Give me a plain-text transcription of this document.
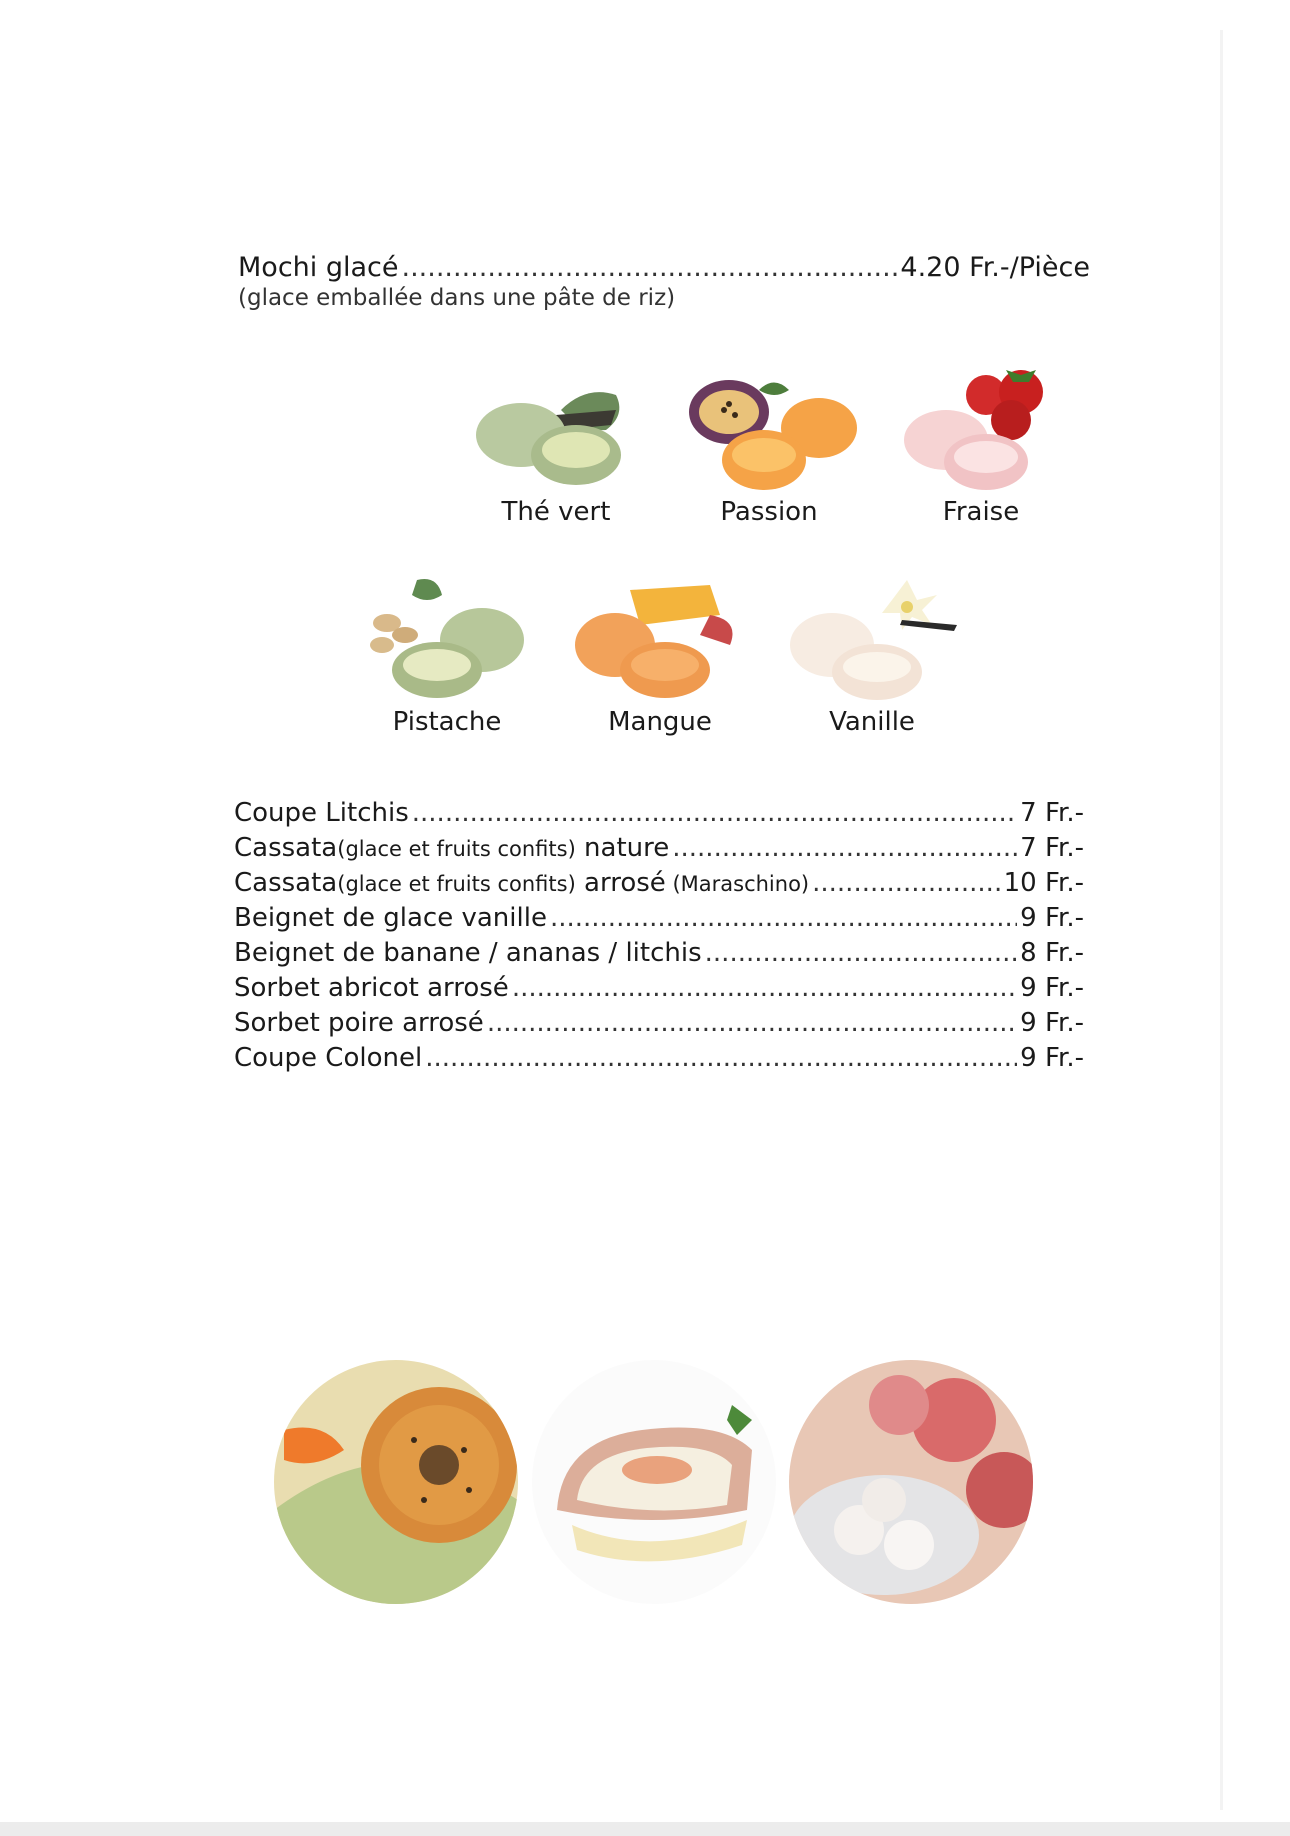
Mochi glacé .....	4.20 Fr.-/Pièce
(glace emballée dans une pâte de riz)
Thé vert	Passion	Fraise
Pistache	Mangue	Vanille
Coupe Litchis .....	7 Fr.-
Cassata(glace et fruits confits) nature .....	7 Fr.-
Cassata(glace et fruits confits) arrosé (Maraschino) .....	10 Fr.-
Beignet de glace vanille .....	9 Fr.-
Beignet de banane / ananas / litchis .....	8 Fr.-
Sorbet abricot arrosé .....	9 Fr.-
Sorbet poire arrosé .....	9 Fr.-
Coupe Colonel .....	9 Fr.-
